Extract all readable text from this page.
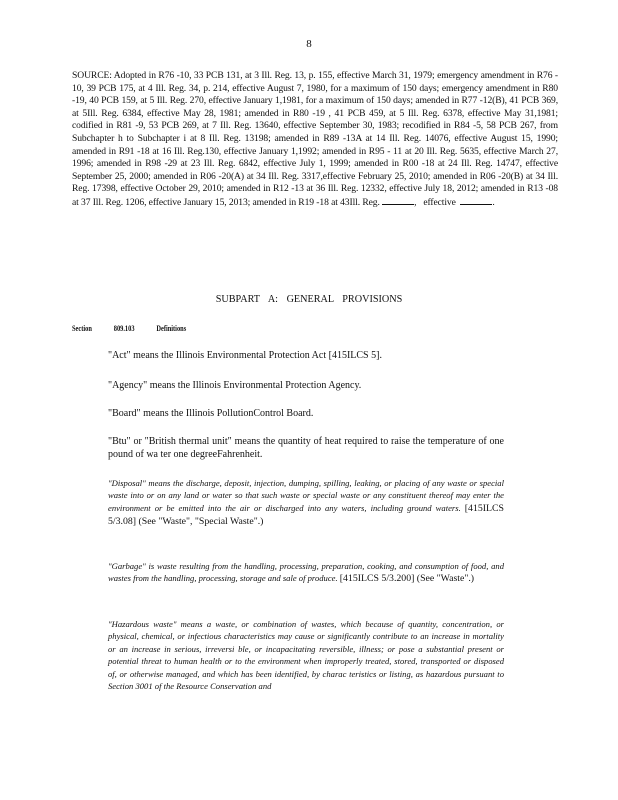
8
SOURCE: Adopted in R76 -10, 33 PCB 131, at 3 Ill. Reg. 13, p. 155, effective March 31, 1979; emergency amendment in R76 - 10, 39 PCB 175, at 4 Ill. Reg. 34, p. 214, effective August 7, 1980, for a maximum of 150 days; emergency amendment in R80 -19, 40 PCB 159, at 5 Ill. Reg. 270, effective January 1,1981, for a maximum of 150 days; amended in R77 -12(B), 41 PCB 369, at 5Ill. Reg. 6384, effective May 28, 1981; amended in R80 -19 , 41 PCB 459, at 5 Ill. Reg. 6378, effective May 31,1981; codified in R81 -9, 53 PCB 269, at 7 Ill. Reg. 13640, effective September 30, 1983; recodified in R84 -5, 58 PCB 267, from Subchapter h to Subchapter i at 8 Ill. Reg. 13198; amended in R89 -13A at 14 Ill. Reg. 14076, effective August 15, 1990; amended in R91 -18 at 16 Ill. Reg.130, effective January 1,1992; amended in R95 - 11 at 20 Ill. Reg. 5635, effective March 27, 1996; amended in R98 -29 at 23 Ill. Reg. 6842, effective July 1, 1999; amended in R00 -18 at 24 Ill. Reg. 14747, effective September 25, 2000; amended in R06 -20(A) at 34 Ill. Reg. 3317,effective February 25, 2010; amended in R06 -20(B) at 34 Ill. Reg. 17398, effective October 29, 2010; amended in R12 -13 at 36 Ill. Reg. 12332, effective July 18, 2012; amended in R13 -08 at 37 Ill. Reg. 1206, effective January 15, 2013; amended in R19 -18 at 43Ill. Reg.	, effective	.
SUBPART A: GENERAL PROVISIONS
Section	809.103	Definitions
"Act" means the Illinois Environmental Protection Act [415ILCS 5].
"Agency" means the Illinois Environmental Protection Agency.
"Board" means the Illinois PollutionControl Board.
"Btu" or "British thermal unit" means the quantity of heat required to raise the temperature of one pound of wa ter one degreeFahrenheit.
"Disposal" means the discharge, deposit, injection, dumping, spilling, leaking, or placing of any waste or special waste into or on any land or water so that such waste or special waste or any constituent thereof may enter the environment or be emitted into the air or discharged into any waters, including ground waters. [415ILCS 5/3.08] (See "Waste", "Special Waste".)
"Garbage" is waste resulting from the handling, processing, preparation, cooking, and consumption of food, and wastes from the handling, processing, storage and sale of produce. [415ILCS 5/3.200] (See "Waste".)
"Hazardous waste" means a waste, or combination of wastes, which because of quantity, concentration, or physical, chemical, or infectious characteristics may cause or significantly contribute to an increase in mortality or an increase in serious, irreversi ble, or incapacitating reversible, illness; or pose a substantial present or potential threat to human health or to the environment when improperly treated, stored, transported or disposed of, or otherwise managed, and which has been identified, by charac teristics or listing, as hazardous pursuant to Section 3001 of the Resource Conservation and
